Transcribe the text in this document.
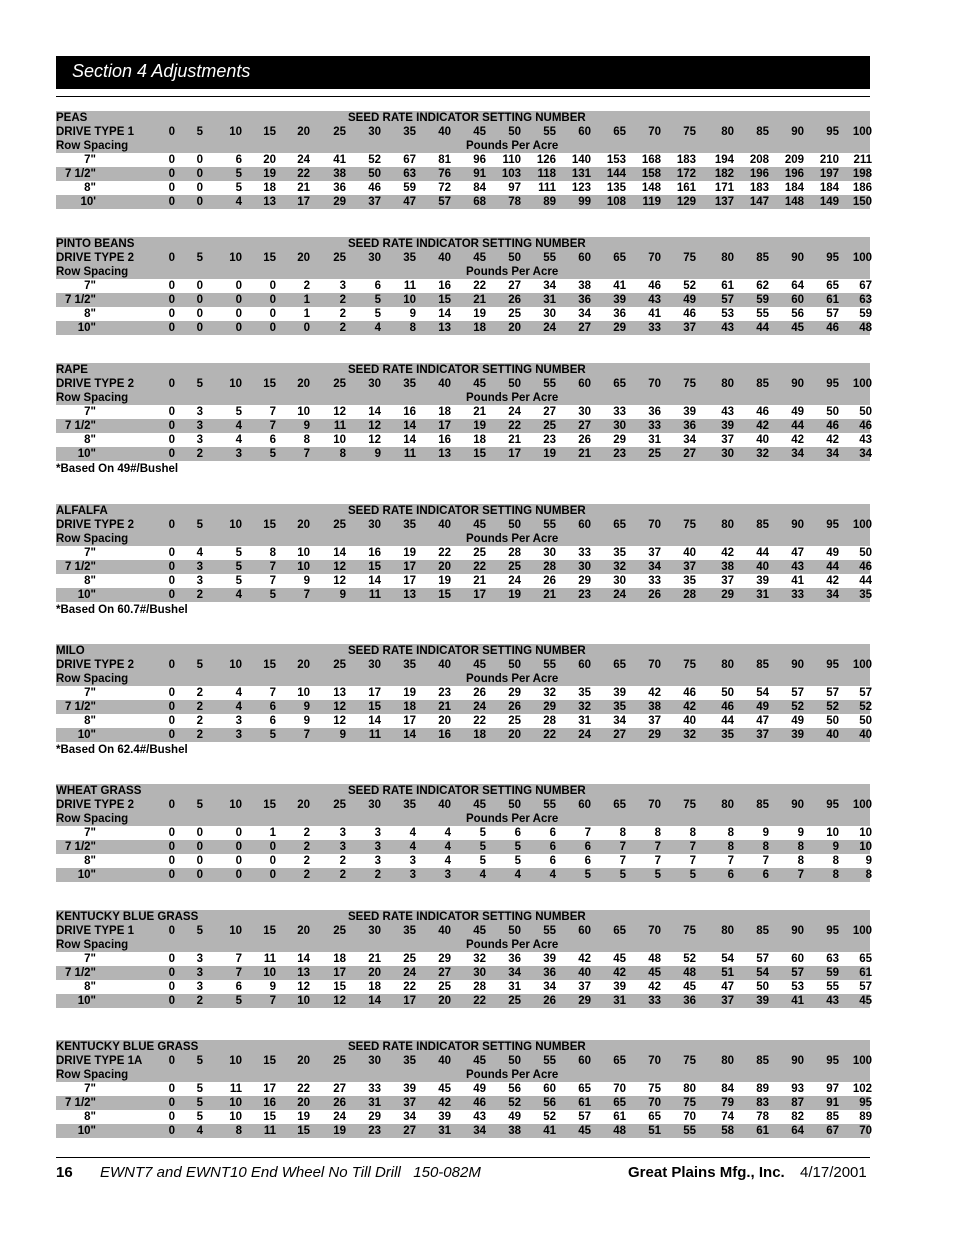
Section 4 Adjustments
PEAS	SEED RATE INDICATOR SETTING NUMBER
DRIVE TYPE 1	0	5	10	15	20	25	30	35	40	45	50	55	60	65	70	75	80	85	90	95	100
Row Spacing	Pounds Per Acre
7"	0	0	6	20	24	41	52	67	81	96	110	126	140	153	168	183	194	208	209	210	211
7 1/2"	0	0	5	19	22	38	50	63	76	91	103	118	131	144	158	172	182	196	196	197	198
8"	0	0	5	18	21	36	46	59	72	84	97	111	123	135	148	161	171	183	184	184	186
10'	0	0	4	13	17	29	37	47	57	68	78	89	99	108	119	129	137	147	148	149	150
PINTO BEANS	SEED RATE INDICATOR SETTING NUMBER
DRIVE TYPE 2	0	5	10	15	20	25	30	35	40	45	50	55	60	65	70	75	80	85	90	95	100
Row Spacing	Pounds Per Acre
7"	0	0	0	0	2	3	6	11	16	22	27	34	38	41	46	52	61	62	64	65	67
7 1/2"	0	0	0	0	1	2	5	10	15	21	26	31	36	39	43	49	57	59	60	61	63
8"	0	0	0	0	1	2	5	9	14	19	25	30	34	36	41	46	53	55	56	57	59
10"	0	0	0	0	0	2	4	8	13	18	20	24	27	29	33	37	43	44	45	46	48
RAPE	SEED RATE INDICATOR SETTING NUMBER
DRIVE TYPE 2	0	5	10	15	20	25	30	35	40	45	50	55	60	65	70	75	80	85	90	95	100
Row Spacing	Pounds Per Acre
7"	0	3	5	7	10	12	14	16	18	21	24	27	30	33	36	39	43	46	49	50	50
7 1/2"	0	3	4	7	9	11	12	14	17	19	22	25	27	30	33	36	39	42	44	46	46
8"	0	3	4	6	8	10	12	14	16	18	21	23	26	29	31	34	37	40	42	42	43
10"	0	2	3	5	7	8	9	11	13	15	17	19	21	23	25	27	30	32	34	34	34
*Based On 49#/Bushel
ALFALFA	SEED RATE INDICATOR SETTING NUMBER
DRIVE TYPE 2	0	5	10	15	20	25	30	35	40	45	50	55	60	65	70	75	80	85	90	95	100
Row Spacing	Pounds Per Acre
7"	0	4	5	8	10	14	16	19	22	25	28	30	33	35	37	40	42	44	47	49	50
7 1/2"	0	3	5	7	10	12	15	17	20	22	25	28	30	32	34	37	38	40	43	44	46
8"	0	3	5	7	9	12	14	17	19	21	24	26	29	30	33	35	37	39	41	42	44
10"	0	2	4	5	7	9	11	13	15	17	19	21	23	24	26	28	29	31	33	34	35
*Based On 60.7#/Bushel
MILO	SEED RATE INDICATOR SETTING NUMBER
DRIVE TYPE 2	0	5	10	15	20	25	30	35	40	45	50	55	60	65	70	75	80	85	90	95	100
Row Spacing	Pounds Per Acre
7"	0	2	4	7	10	13	17	19	23	26	29	32	35	39	42	46	50	54	57	57	57
7 1/2"	0	2	4	6	9	12	15	18	21	24	26	29	32	35	38	42	46	49	52	52	52
8"	0	2	3	6	9	12	14	17	20	22	25	28	31	34	37	40	44	47	49	50	50
10"	0	2	3	5	7	9	11	14	16	18	20	22	24	27	29	32	35	37	39	40	40
*Based On 62.4#/Bushel
WHEAT GRASS	SEED RATE INDICATOR SETTING NUMBER
DRIVE TYPE 2	0	5	10	15	20	25	30	35	40	45	50	55	60	65	70	75	80	85	90	95	100
Row Spacing	Pounds Per Acre
7"	0	0	0	1	2	3	3	4	4	5	6	6	7	8	8	8	8	9	9	10	10
7 1/2"	0	0	0	0	2	3	3	4	4	5	5	6	6	7	7	7	8	8	8	9	10
8"	0	0	0	0	2	2	3	3	4	5	5	6	6	7	7	7	7	7	8	8	9
10"	0	0	0	0	2	2	2	3	3	4	4	4	5	5	5	5	6	6	7	8	8
KENTUCKY BLUE GRASS	SEED RATE INDICATOR SETTING NUMBER
DRIVE TYPE 1	0	5	10	15	20	25	30	35	40	45	50	55	60	65	70	75	80	85	90	95	100
Row Spacing	Pounds Per Acre
7"	0	3	7	11	14	18	21	25	29	32	36	39	42	45	48	52	54	57	60	63	65
7 1/2"	0	3	7	10	13	17	20	24	27	30	34	36	40	42	45	48	51	54	57	59	61
8"	0	3	6	9	12	15	18	22	25	28	31	34	37	39	42	45	47	50	53	55	57
10"	0	2	5	7	10	12	14	17	20	22	25	26	29	31	33	36	37	39	41	43	45
KENTUCKY BLUE GRASS	SEED RATE INDICATOR SETTING NUMBER
DRIVE TYPE 1A	0	5	10	15	20	25	30	35	40	45	50	55	60	65	70	75	80	85	90	95	100
Row Spacing	Pounds Per Acre
7"	0	5	11	17	22	27	33	39	45	49	56	60	65	70	75	80	84	89	93	97	102
7 1/2"	0	5	10	16	20	26	31	37	42	46	52	56	61	65	70	75	79	83	87	91	95
8"	0	5	10	15	19	24	29	34	39	43	49	52	57	61	65	70	74	78	82	85	89
10"	0	4	8	11	15	19	23	27	31	34	38	41	45	48	51	55	58	61	64	67	70
16 EWNT7 and EWNT10 End Wheel No Till Drill   150-082M	Great Plains Mfg., Inc. 4/17/2001
